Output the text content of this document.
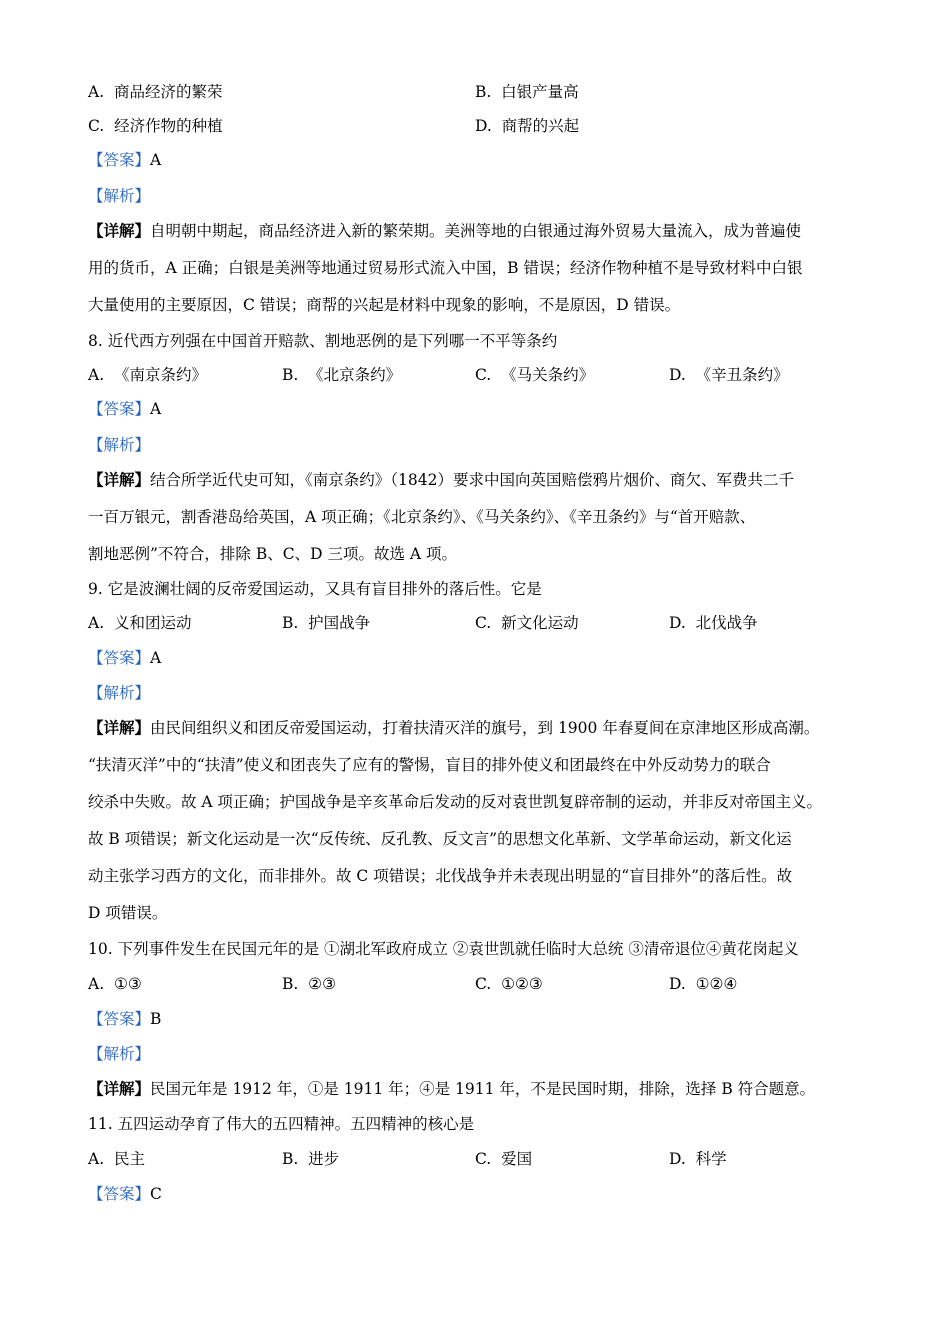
A.  商品经济的繁荣	B.  白银产量高
C.  经济作物的种植	D.  商帮的兴起
【答案】A
【解析】
【详解】自明朝中期起，商品经济进入新的繁荣期。美洲等地的白银通过海外贸易大量流入，成为普遍使
用的货币，A 正确；白银是美洲等地通过贸易形式流入中国，B 错误；经济作物种植不是导致材料中白银
大量使用的主要原因，C 错误；商帮的兴起是材料中现象的影响，不是原因，D 错误。
8. 近代西方列强在中国首开赔款、割地恶例的是下列哪一不平等条约
A.  《南京条约》	B.  《北京条约》	C.  《马关条约》	D.  《辛丑条约》
【答案】A
【解析】
【详解】结合所学近代史可知，《南京条约》（1842）要求中国向英国赔偿鸦片烟价、商欠、军费共二千
一百万银元，割香港岛给英国，A 项正确；《北京条约》、《马关条约》、《辛丑条约》与“首开赔款、
割地恶例”不符合，排除 B、C、D 三项。故选 A 项。
9. 它是波澜壮阔的反帝爱国运动，又具有盲目排外的落后性。它是
A.  义和团运动	B.  护国战争	C.  新文化运动	D.  北伐战争
【答案】A
【解析】
【详解】由民间组织义和团反帝爱国运动，打着扶清灭洋的旗号，到 1900 年春夏间在京津地区形成高潮。
“扶清灭洋”中的“扶清”使义和团丧失了应有的警惕，盲目的排外使义和团最终在中外反动势力的联合
绞杀中失败。故 A 项正确；护国战争是辛亥革命后发动的反对袁世凯复辟帝制的运动，并非反对帝国主义。
故 B 项错误；新文化运动是一次“反传统、反孔教、反文言”的思想文化革新、文学革命运动，新文化运
动主张学习西方的文化，而非排外。故 C 项错误；北伐战争并未表现出明显的“盲目排外”的落后性。故
D 项错误。
10. 下列事件发生在民国元年的是 ①湖北军政府成立 ②袁世凯就任临时大总统 ③清帝退位④黄花岗起义
A.  ①③	B.  ②③	C.  ①②③	D.  ①②④
【答案】B
【解析】
【详解】民国元年是 1912 年，①是 1911 年；④是 1911 年，不是民国时期，排除，选择 B 符合题意。
11. 五四运动孕育了伟大的五四精神。五四精神的核心是
A.  民主	B.  进步	C.  爱国	D.  科学
【答案】C
